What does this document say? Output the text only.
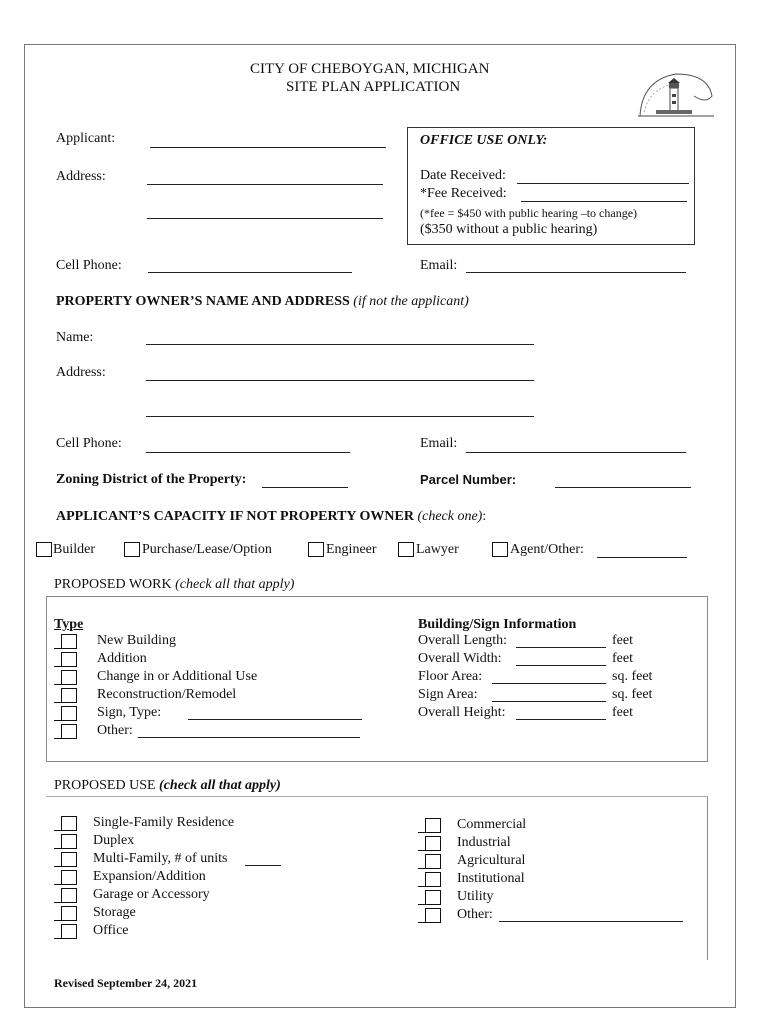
CITY OF CHEBOYGAN, MICHIGAN
SITE PLAN APPLICATION
Applicant:
Address:
Cell Phone:
OFFICE USE ONLY:
Date Received:
*Fee Received:
(*fee = $450 with public hearing –to change)
($350 without a public hearing)
Email:
PROPERTY OWNER’S NAME AND ADDRESS (if not the applicant)
Name:
Address:
Cell Phone:	Email:
Zoning District of the Property:	Parcel Number:
APPLICANT’S CAPACITY IF NOT PROPERTY OWNER (check one):
Builder	Purchase/Lease/Option	Engineer	Lawyer	Agent/Other:
PROPOSED WORK (check all that apply)
Type	Building/Sign Information
PROPOSED USE (check all that apply)
Revised September 24, 2021
New Building
Addition
Change in or Additional Use
Reconstruction/Remodel
Sign, Type:
Other:
Overall Length:	feet
Overall Width:	feet
Floor Area:	sq. feet
Sign Area:	sq. feet
Overall Height:	feet
Single-Family Residence
Duplex
Multi-Family, # of units
Expansion/Addition
Garage or Accessory
Storage
Office
Commercial
Industrial
Agricultural
Institutional
Utility
Other:
